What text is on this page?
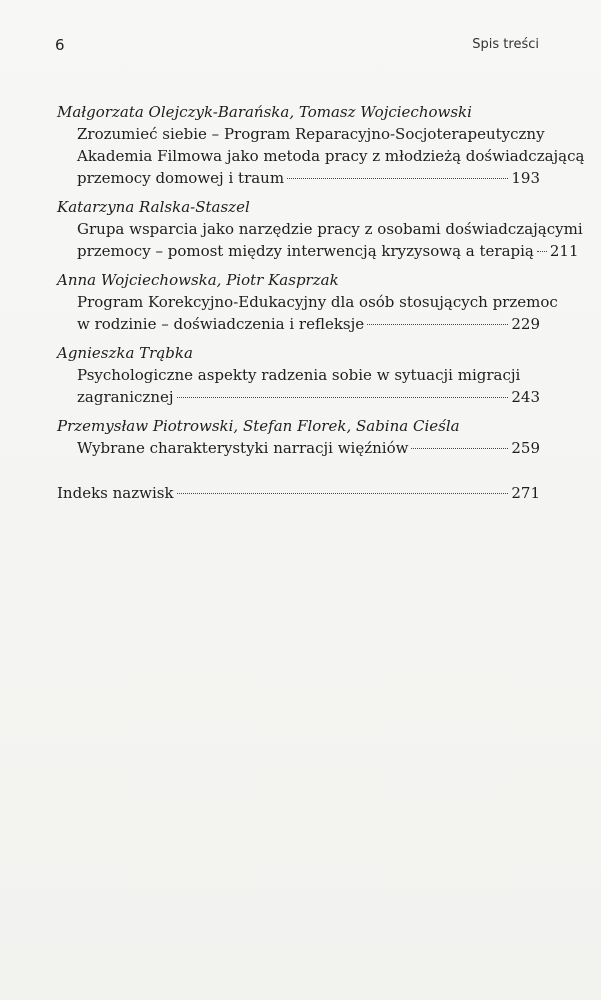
6	Spis treści
Małgorzata Olejczyk-Barańska, Tomasz Wojciechowski
Zrozumieć siebie – Program Reparacyjno-Socjoterapeutyczny
Akademia Filmowa jako metoda pracy z młodzieżą doświadczającą
przemocy domowej i traum	193
Katarzyna Ralska-Staszel
Grupa wsparcia jako narzędzie pracy z osobami doświadczającymi
przemocy – pomost między interwencją kryzysową a terapią 211
Anna Wojciechowska, Piotr Kasprzak
Program Korekcyjno-Edukacyjny dla osób stosujących przemoc
w rodzinie – doświadczenia i refleksje	229
Agnieszka Trąbka
Psychologiczne aspekty radzenia sobie w sytuacji migracji
zagranicznej	243
Przemysław Piotrowski, Stefan Florek, Sabina Cieśla
Wybrane charakterystyki narracji więźniów	259
Indeks nazwisk	271
